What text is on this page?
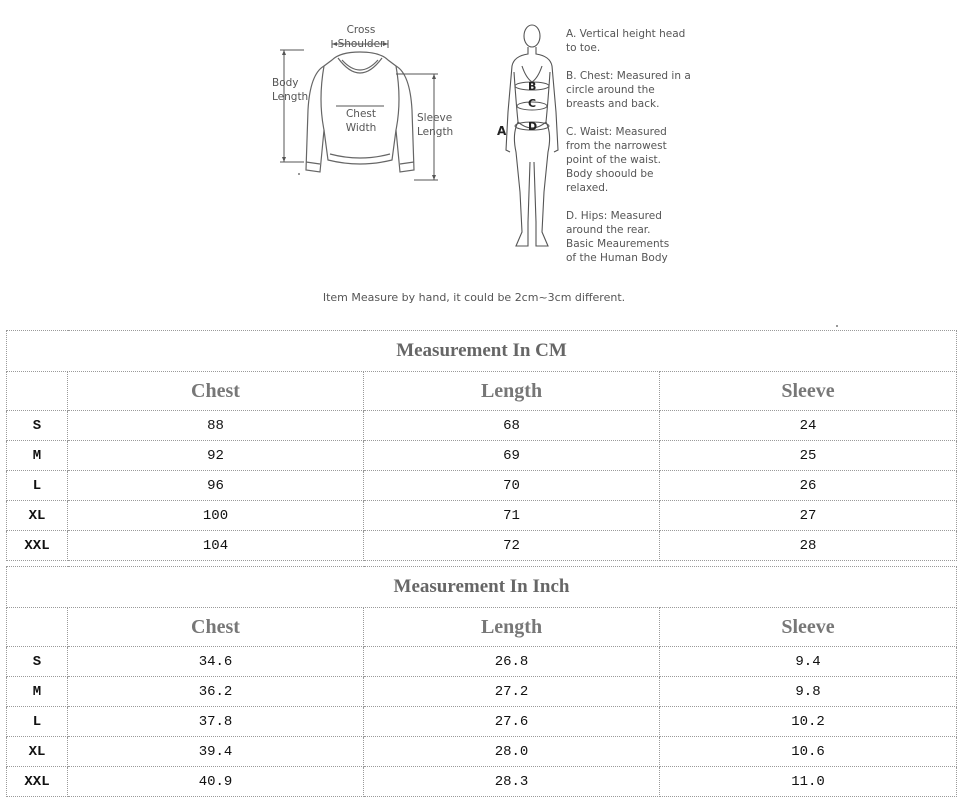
Cross
Shoulder
Body
Length
Chest
Width
Sleeve
Length	A
B
C
D
A. Vertical height head
to toe.
B. Chest: Measured in a
circle around the
breasts and back.
C. Waist: Measured
from the narrowest
point of the waist.
Body shoould be
relaxed.
D. Hips: Measured
around the rear.
Basic Meaurements
of the Human Body
Item Measure by hand, it could be 2cm~3cm different.
Measurement In CM			
	Chest	Length	Sleeve
S	88	68	24
M	92	69	25
L	96	70	26
XL	100	71	27
XXL	104	72	28
Measurement In Inch			
	Chest	Length	Sleeve
S	34.6	26.8	9.4
M	36.2	27.2	9.8
L	37.8	27.6	10.2
XL	39.4	28.0	10.6
XXL	40.9	28.3	11.0
